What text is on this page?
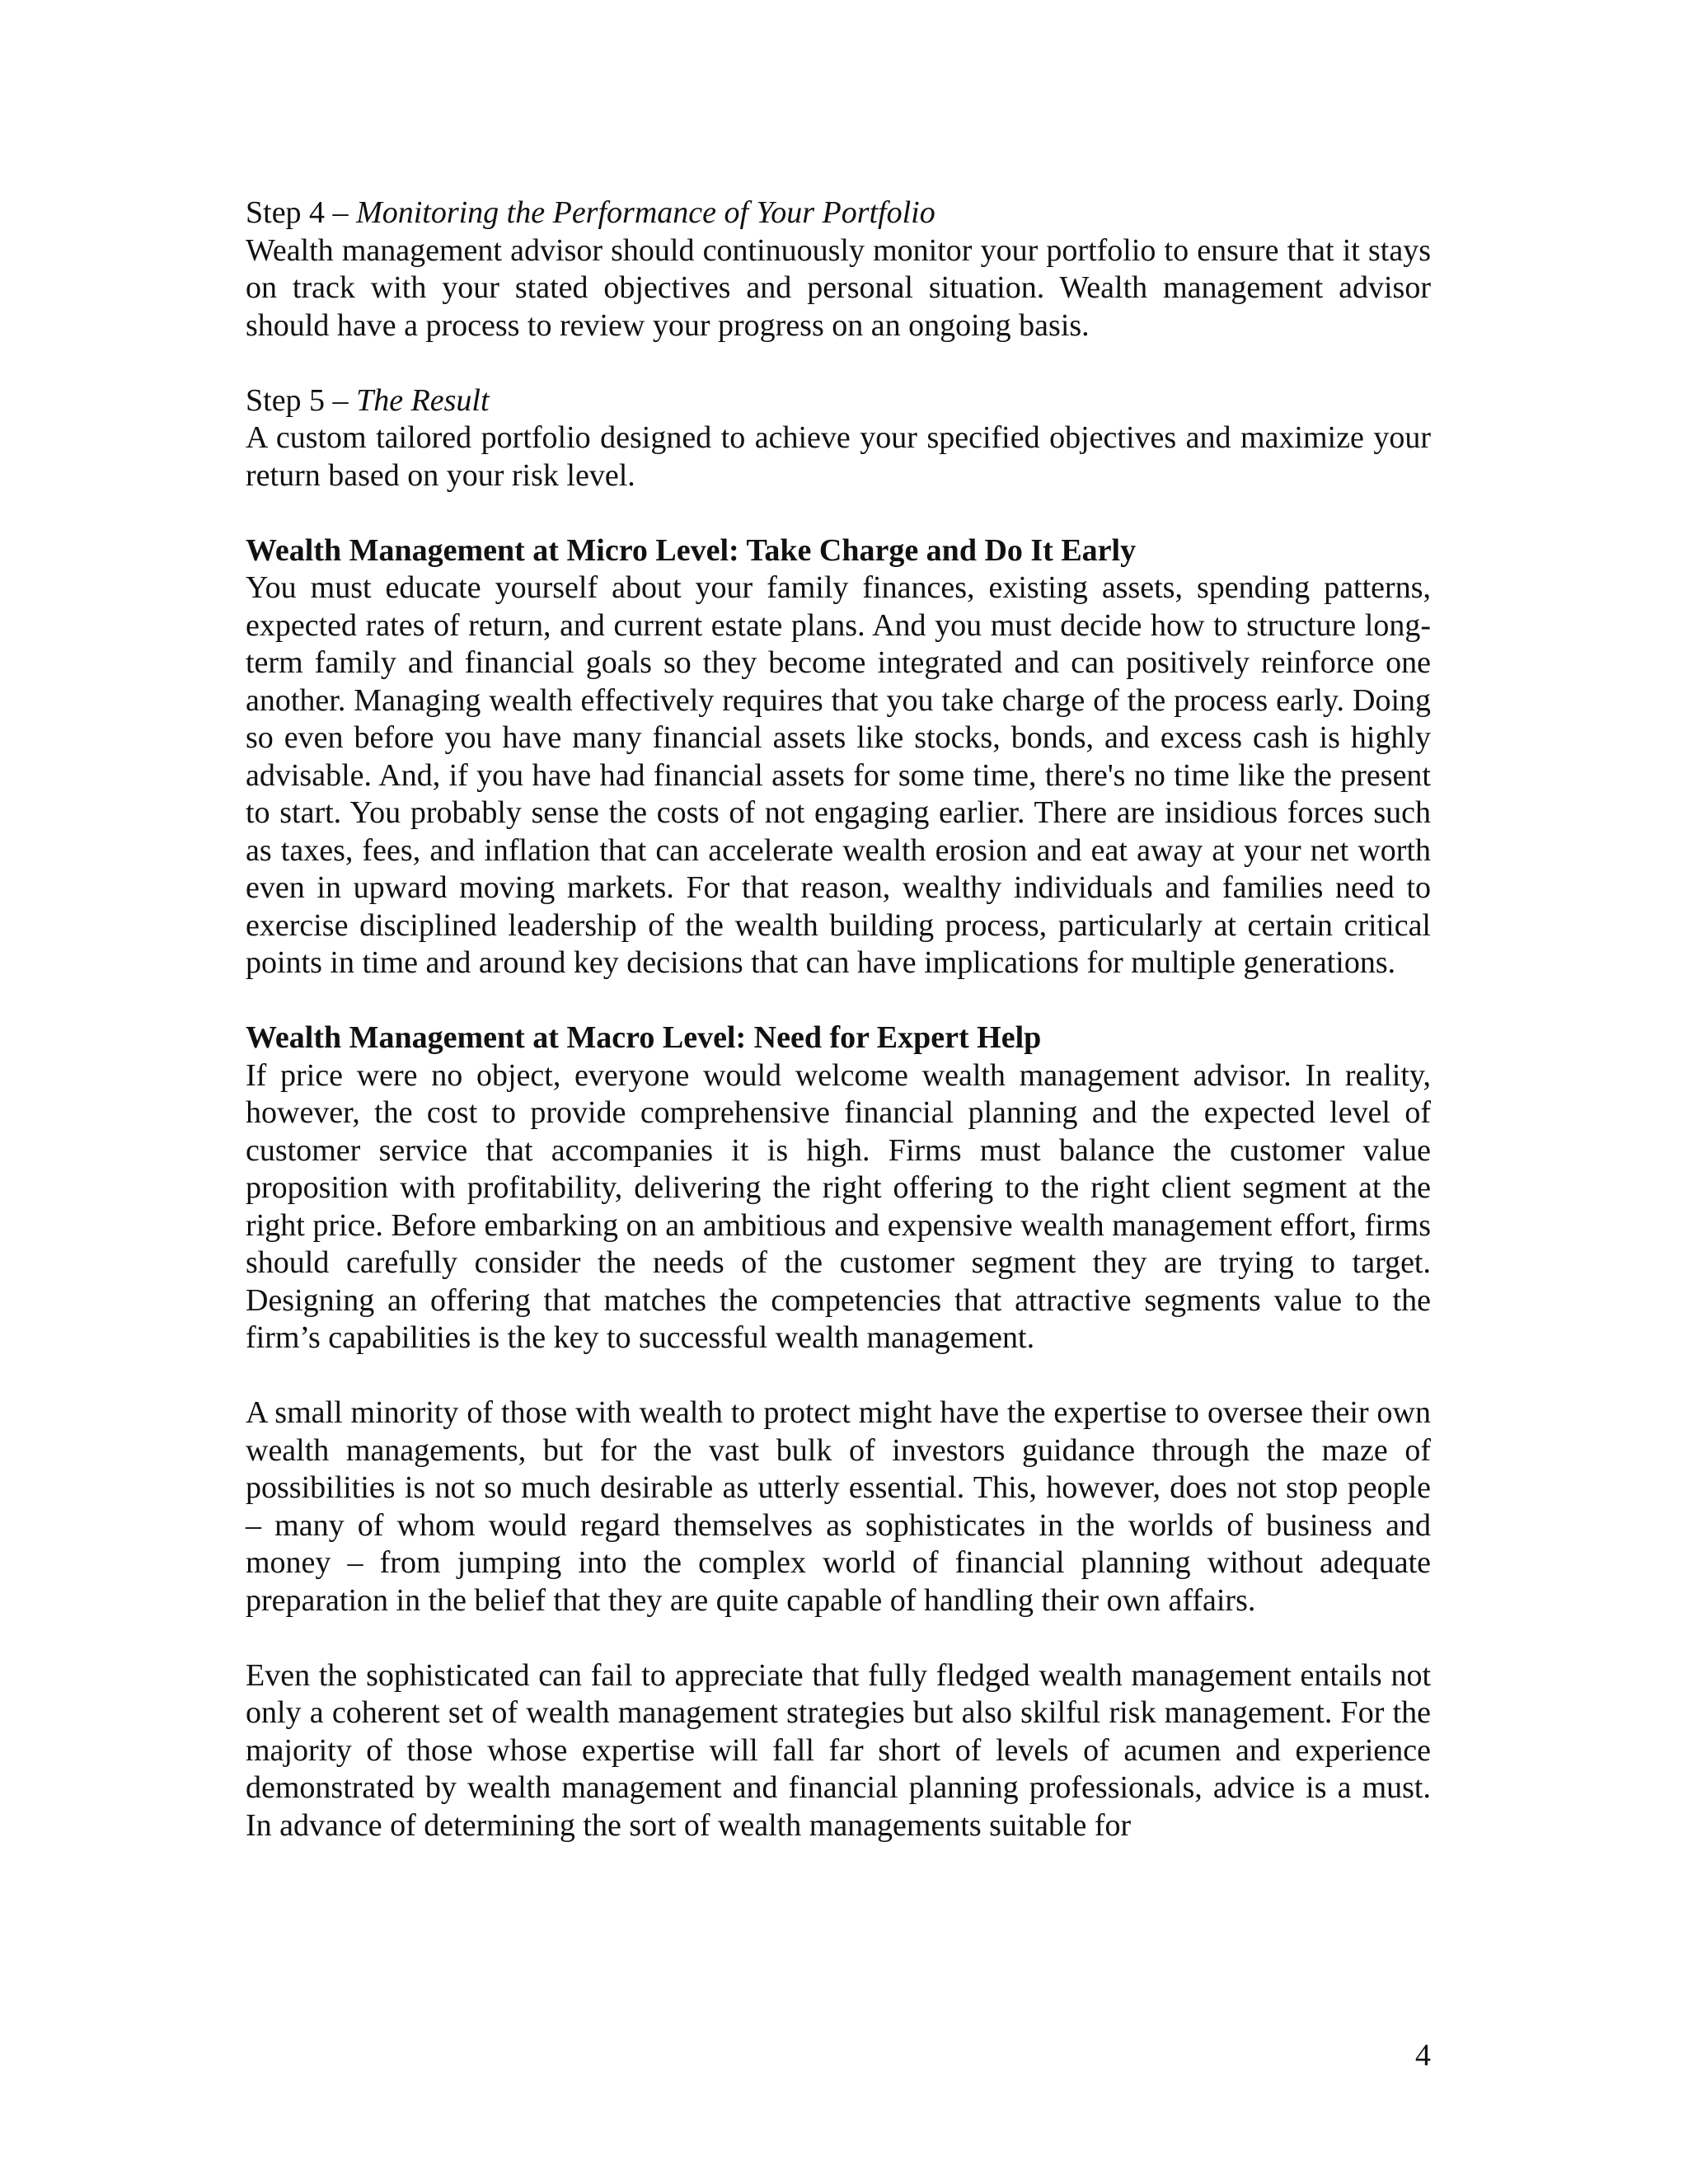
Step 4 – Monitoring the Performance of Your Portfolio

Wealth management advisor should continuously monitor your portfolio to ensure that it stays on track with your stated objectives and personal situation. Wealth management advisor should have a process to review your progress on an ongoing basis.

Step 5 – The Result

A custom tailored portfolio designed to achieve your specified objectives and maximize your return based on your risk level.

Wealth Management at Micro Level: Take Charge and Do It Early

You must educate yourself about your family finances, existing assets, spending patterns, expected rates of return, and current estate plans. And you must decide how to structure long-term family and financial goals so they become integrated and can positively reinforce one another. Managing wealth effectively requires that you take charge of the process early. Doing so even before you have many financial assets like stocks, bonds, and excess cash is highly advisable. And, if you have had financial assets for some time, there's no time like the present to start. You probably sense the costs of not engaging earlier. There are insidious forces such as taxes, fees, and inflation that can accelerate wealth erosion and eat away at your net worth even in upward moving markets. For that reason, wealthy individuals and families need to exercise disciplined leadership of the wealth building process, particularly at certain critical points in time and around key decisions that can have implications for multiple generations.

Wealth Management at Macro Level: Need for Expert Help

If price were no object, everyone would welcome wealth management advisor. In reality, however, the cost to provide comprehensive financial planning and the expected level of customer service that accompanies it is high. Firms must balance the customer value proposition with profitability, delivering the right offering to the right client segment at the right price. Before embarking on an ambitious and expensive wealth management effort, firms should carefully consider the needs of the customer segment they are trying to target. Designing an offering that matches the competencies that attractive segments value to the firm’s capabilities is the key to successful wealth management.

A small minority of those with wealth to protect might have the expertise to oversee their own wealth managements, but for the vast bulk of investors guidance through the maze of possibilities is not so much desirable as utterly essential. This, however, does not stop people – many of whom would regard themselves as sophisticates in the worlds of business and money – from jumping into the complex world of financial planning without adequate preparation in the belief that they are quite capable of handling their own affairs.

Even the sophisticated can fail to appreciate that fully fledged wealth management entails not only a coherent set of wealth management strategies but also skilful risk management. For the majority of those whose expertise will fall far short of levels of acumen and experience demonstrated by wealth management and financial planning professionals, advice is a must. In advance of determining the sort of wealth managements suitable for

4
